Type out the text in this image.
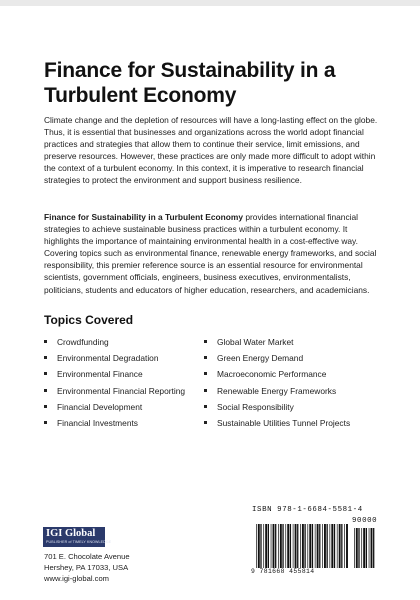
Finance for Sustainability in a Turbulent Economy

Climate change and the depletion of resources will have a long-lasting effect on the globe. Thus, it is essential that businesses and organizations across the world adopt financial practices and strategies that allow them to continue their service, limit emissions, and preserve resources. However, these practices are only made more difficult to adopt within the context of a turbulent economy. In this context, it is imperative to research financial strategies to protect the environment and support business resilience.

Finance for Sustainability in a Turbulent Economy provides international financial strategies to achieve sustainable business practices within a turbulent economy. It highlights the importance of maintaining environmental health in a cost-effective way. Covering topics such as environmental finance, renewable energy frameworks, and social responsibility, this premier reference source is an essential resource for environmental scientists, government officials, engineers, business executives, environmentalists, politicians, students and educators of higher education, researchers, and academicians.

Topics Covered
Crowdfunding
Environmental Degradation
Environmental Finance
Environmental Financial Reporting
Financial Development
Financial Investments
Global Water Market
Green Energy Demand
Macroeconomic Performance
Renewable Energy Frameworks
Social Responsibility
Sustainable Utilities Tunnel Projects
IGI Global
PUBLISHER of TIMELY KNOWLEDGE
701 E. Chocolate Avenue
Hershey, PA 17033, USA
www.igi-global.com
ISBN 978-1-6684-5581-4
90000
9 781668 455814
